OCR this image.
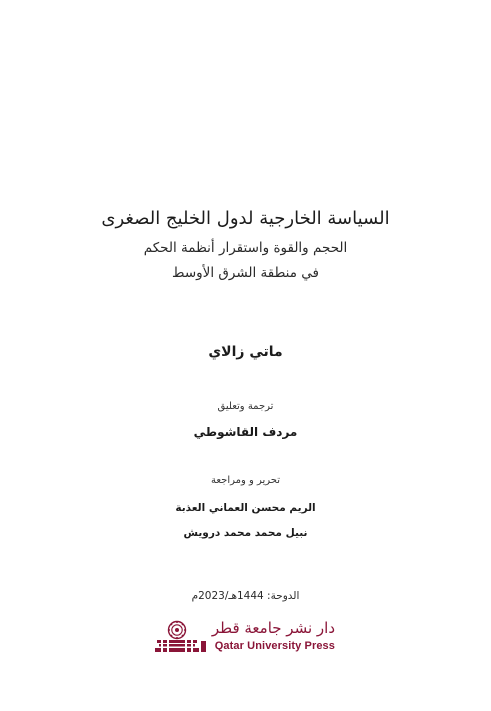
السياسة الخارجية لدول الخليج الصغرى
الحجم والقوة واستقرار أنظمة الحكم
في منطقة الشرق الأوسط
ماتي زالاي
ترجمة وتعليق
مردف القاشوطي
تحرير و ومراجعة
الريم محسن العماني العذبة
نبيل محمد محمد درويش
الدوحة: 1444هـ/2023م
دار نشر جامعة قطر
Qatar University Press
